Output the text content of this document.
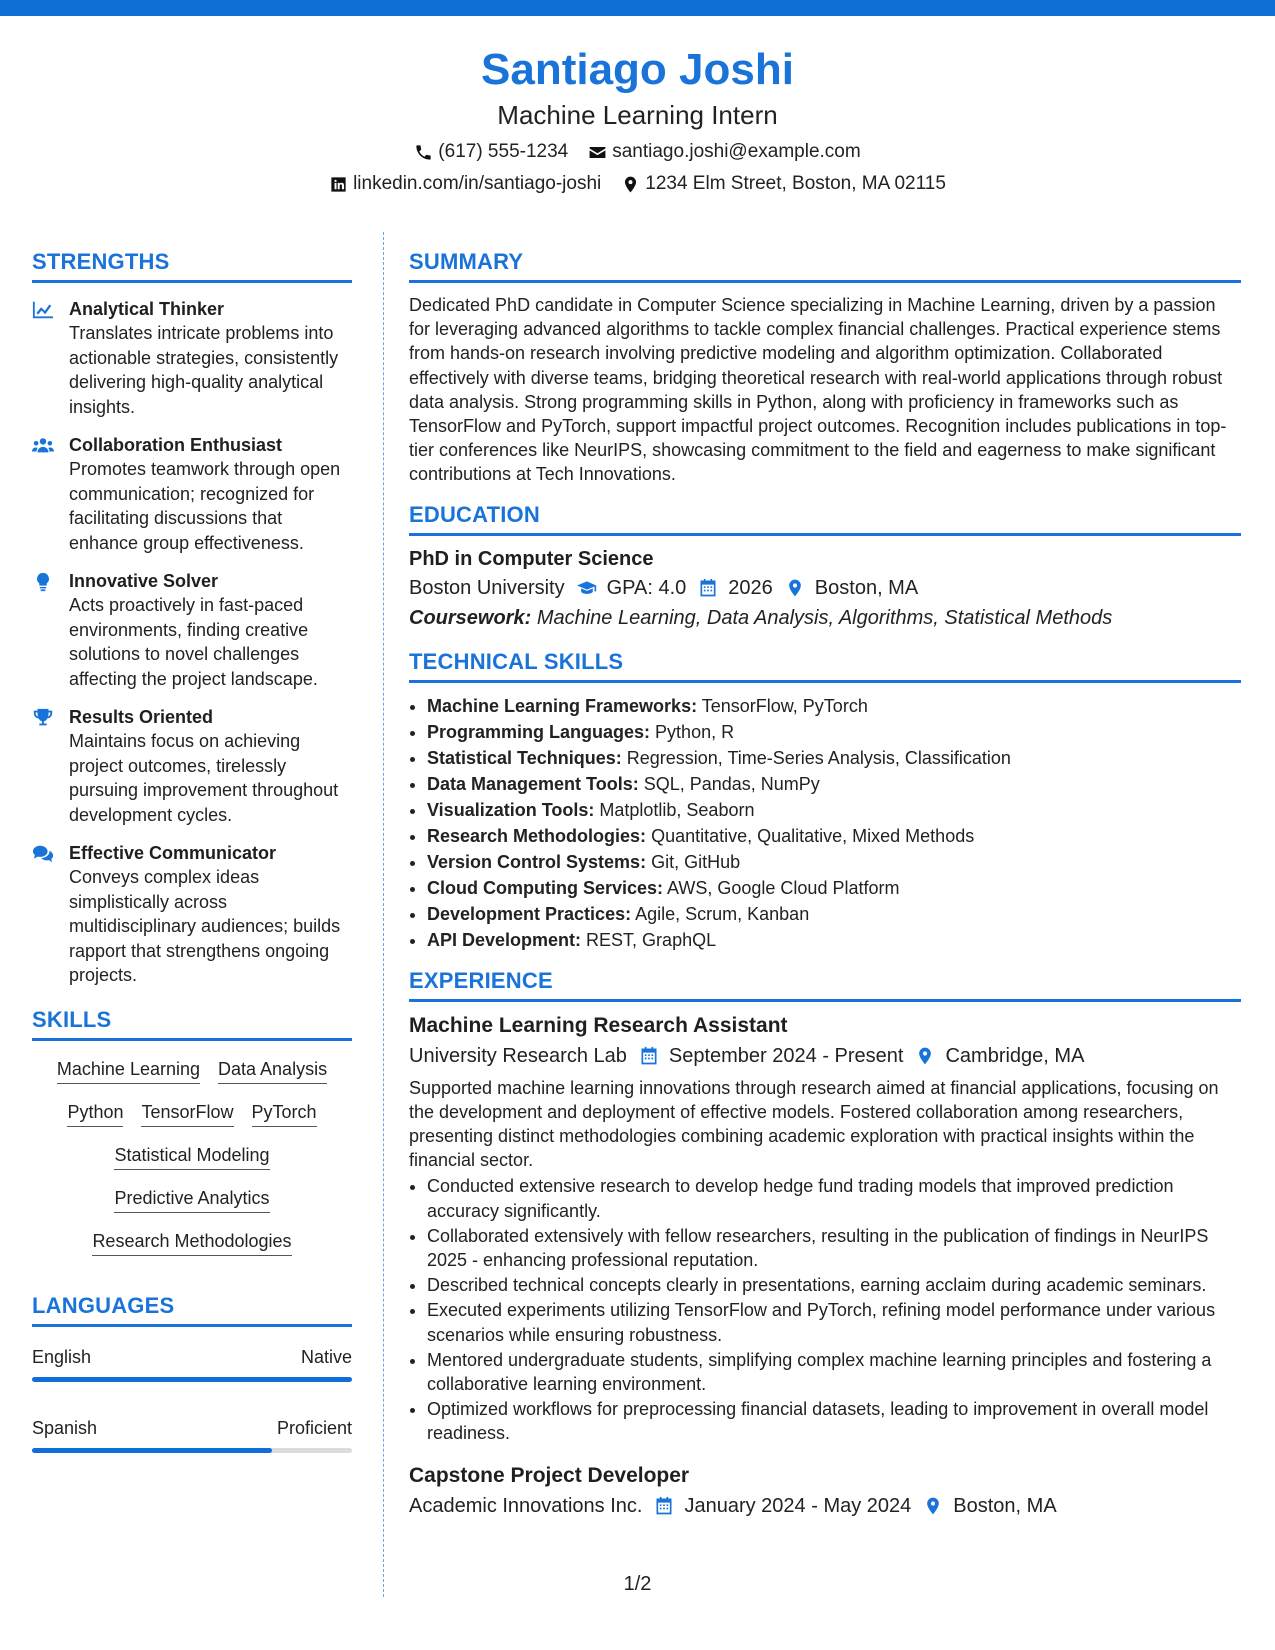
Santiago Joshi
Machine Learning Intern
(617) 555-1234 santiago.joshi@example.com
linkedin.com/in/santiago-joshi 1234 Elm Street, Boston, MA 02115
STRENGTHS
Analytical Thinker
Translates intricate problems into actionable strategies, consistently delivering high-quality analytical insights.
Collaboration Enthusiast
Promotes teamwork through open communication; recognized for facilitating discussions that enhance group effectiveness.
Innovative Solver
Acts proactively in fast-paced environments, finding creative solutions to novel challenges affecting the project landscape.
Results Oriented
Maintains focus on achieving project outcomes, tirelessly pursuing improvement throughout development cycles.
Effective Communicator
Conveys complex ideas simplistically across multidisciplinary audiences; builds rapport that strengthens ongoing projects.
SKILLS
Machine Learning Data Analysis
Python TensorFlow PyTorch
Statistical Modeling
Predictive Analytics
Research Methodologies
LANGUAGES
English	Native
Spanish	Proficient
SUMMARY
Dedicated PhD candidate in Computer Science specializing in Machine Learning, driven by a passion for leveraging advanced algorithms to tackle complex financial challenges. Practical experience stems from hands-on research involving predictive modeling and algorithm optimization. Collaborated effectively with diverse teams, bridging theoretical research with real-world applications through robust data analysis. Strong programming skills in Python, along with proficiency in frameworks such as TensorFlow and PyTorch, support impactful project outcomes. Recognition includes publications in top-tier conferences like NeurIPS, showcasing commitment to the field and eagerness to make significant contributions at Tech Innovations.
EDUCATION
PhD in Computer Science
Boston University GPA: 4.0 2026 Boston, MA
Coursework: Machine Learning, Data Analysis, Algorithms, Statistical Methods
TECHNICAL SKILLS
• Machine Learning Frameworks: TensorFlow, PyTorch
• Programming Languages: Python, R
• Statistical Techniques: Regression, Time-Series Analysis, Classification
• Data Management Tools: SQL, Pandas, NumPy
• Visualization Tools: Matplotlib, Seaborn
• Research Methodologies: Quantitative, Qualitative, Mixed Methods
• Version Control Systems: Git, GitHub
• Cloud Computing Services: AWS, Google Cloud Platform
• Development Practices: Agile, Scrum, Kanban
• API Development: REST, GraphQL
EXPERIENCE
Machine Learning Research Assistant
University Research Lab September 2024 - Present Cambridge, MA
Supported machine learning innovations through research aimed at financial applications, focusing on the development and deployment of effective models. Fostered collaboration among researchers, presenting distinct methodologies combining academic exploration with practical insights within the financial sector.
• Conducted extensive research to develop hedge fund trading models that improved prediction accuracy significantly.
• Collaborated extensively with fellow researchers, resulting in the publication of findings in NeurIPS 2025 - enhancing professional reputation.
• Described technical concepts clearly in presentations, earning acclaim during academic seminars.
• Executed experiments utilizing TensorFlow and PyTorch, refining model performance under various scenarios while ensuring robustness.
• Mentored undergraduate students, simplifying complex machine learning principles and fostering a collaborative learning environment.
• Optimized workflows for preprocessing financial datasets, leading to improvement in overall model readiness.
Capstone Project Developer
Academic Innovations Inc. January 2024 - May 2024 Boston, MA
1/2
